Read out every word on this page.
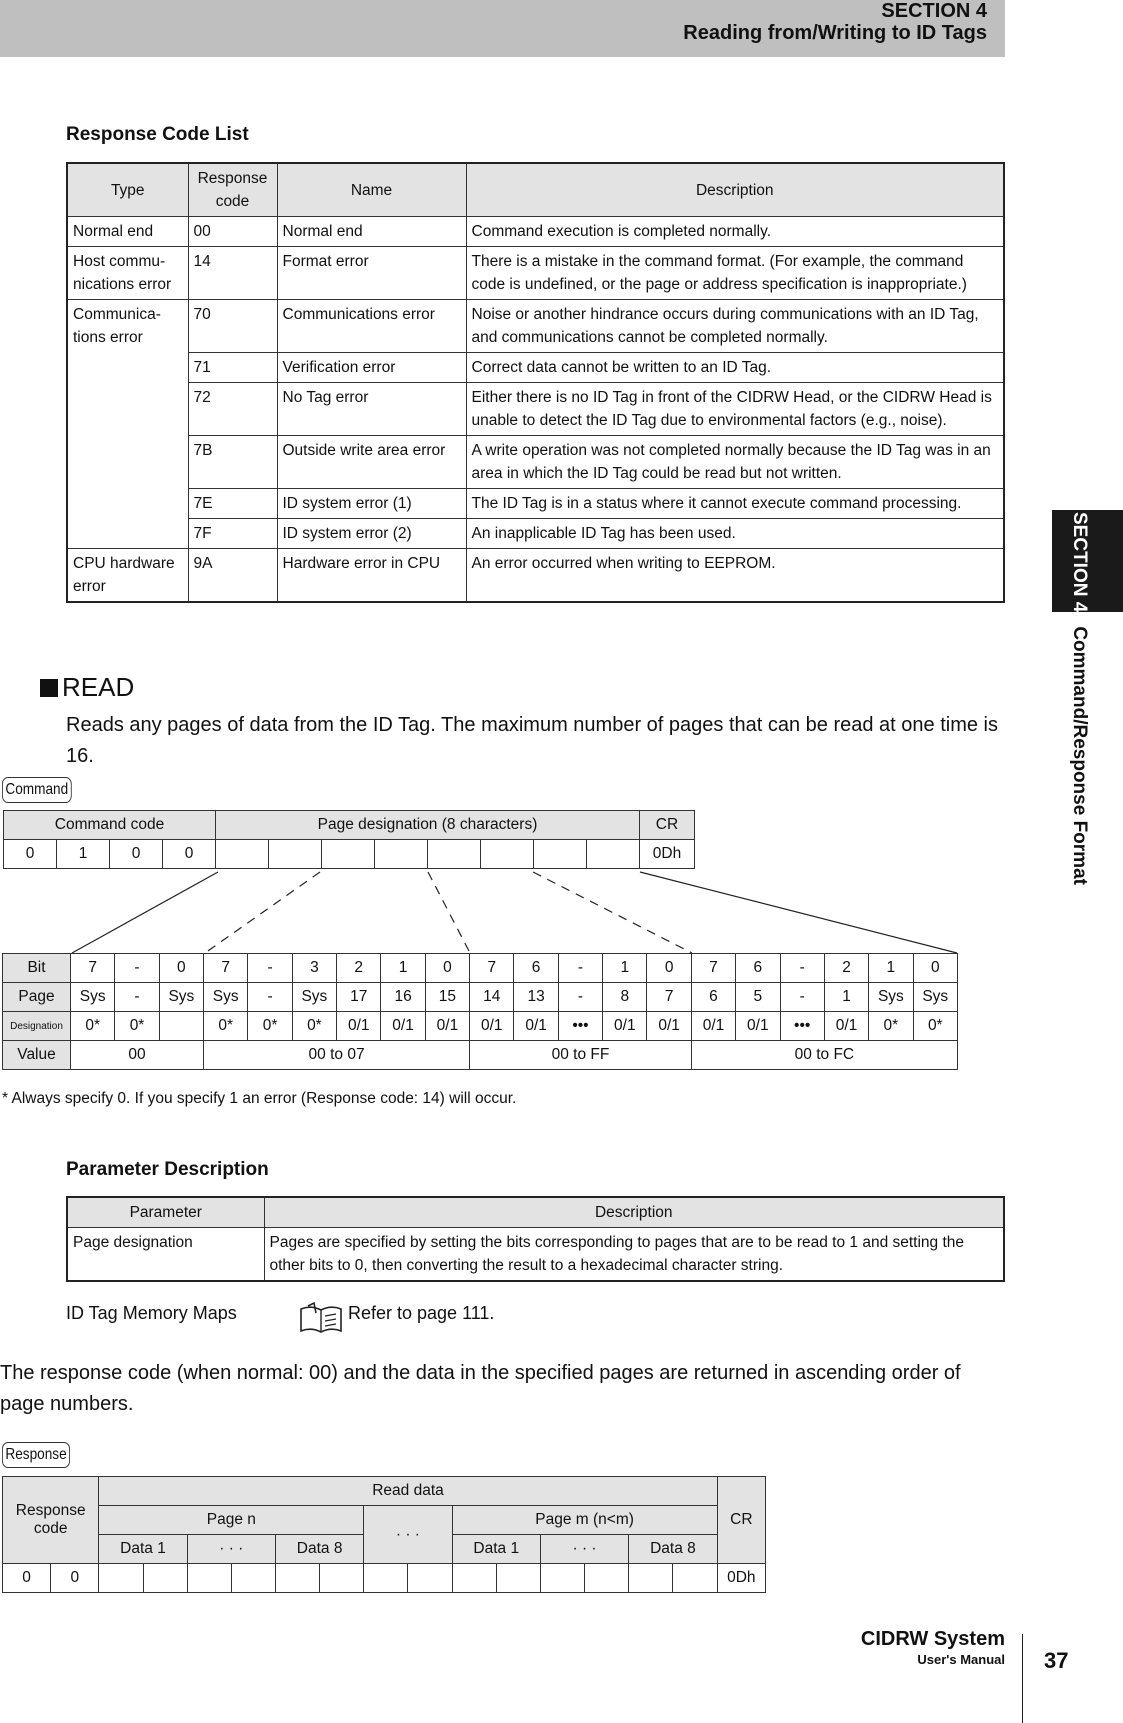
SECTION 4
Reading from/Writing to ID Tags
SECTION 4Command/Response Format
Response Code List
Type	Response code	Name	Description
Normal end	00	Normal end	Command execution is completed normally.
Host commu-nications error	14	Format error	There is a mistake in the command format. (For example, the command code is undefined, or the page or address specification is inappropriate.)
Communica-tions error	70	Communications error	Noise or another hindrance occurs during communications with an ID Tag, and communications cannot be completed normally.
	71	Verification error	Correct data cannot be written to an ID Tag.
	72	No Tag error	Either there is no ID Tag in front of the CIDRW Head, or the CIDRW Head is unable to detect the ID Tag due to environmental factors (e.g., noise).
	7B	Outside write area error	A write operation was not completed normally because the ID Tag was in an area in which the ID Tag could be read but not written.
	7E	ID system error (1)	The ID Tag is in a status where it cannot execute command processing.
	7F	ID system error (2)	An inapplicable ID Tag has been used.
CPU hardware error	9A	Hardware error in CPU	An error occurred when writing to EEPROM.
READ
Reads any pages of data from the ID Tag. The maximum number of pages that can be read at one time is 16.
Command
Command code				Page designation (8 characters)								CR
0	1	0	0									0Dh
Bit	7	-	0	7	-	3	2	1	0	7	6	-	1	0	7	6	-	2	1	0
Page	Sys	-	Sys	Sys	-	Sys	17	16	15	14	13	-	8	7	6	5	-	1	Sys	Sys
Designation	0*	0*		0*	0*	0*	0/1	0/1	0/1	0/1	0/1	•••	0/1	0/1	0/1	0/1	•••	0/1	0*	0*
Value	00			00 to 07						00 to FF					00 to FC					
* Always specify 0. If you specify 1 an error (Response code: 14) will occur.
Parameter Description
Parameter	Description
Page designation	Pages are specified by setting the bits corresponding to pages that are to be read to 1 and setting the other bits to 0, then converting the result to a hexadecimal character string.
ID Tag Memory Maps	Refer to page 111.
The response code (when normal: 00) and the data in the specified pages are returned in ascending order of page numbers.
Response
Response code		Read data														CR
		Page n						· · ·		Page m (n<m)						
		Data 1		· · ·		Data 8				Data 1		· · ·		Data 8		
0	0															0Dh
CIDRW System
User's Manual 37
